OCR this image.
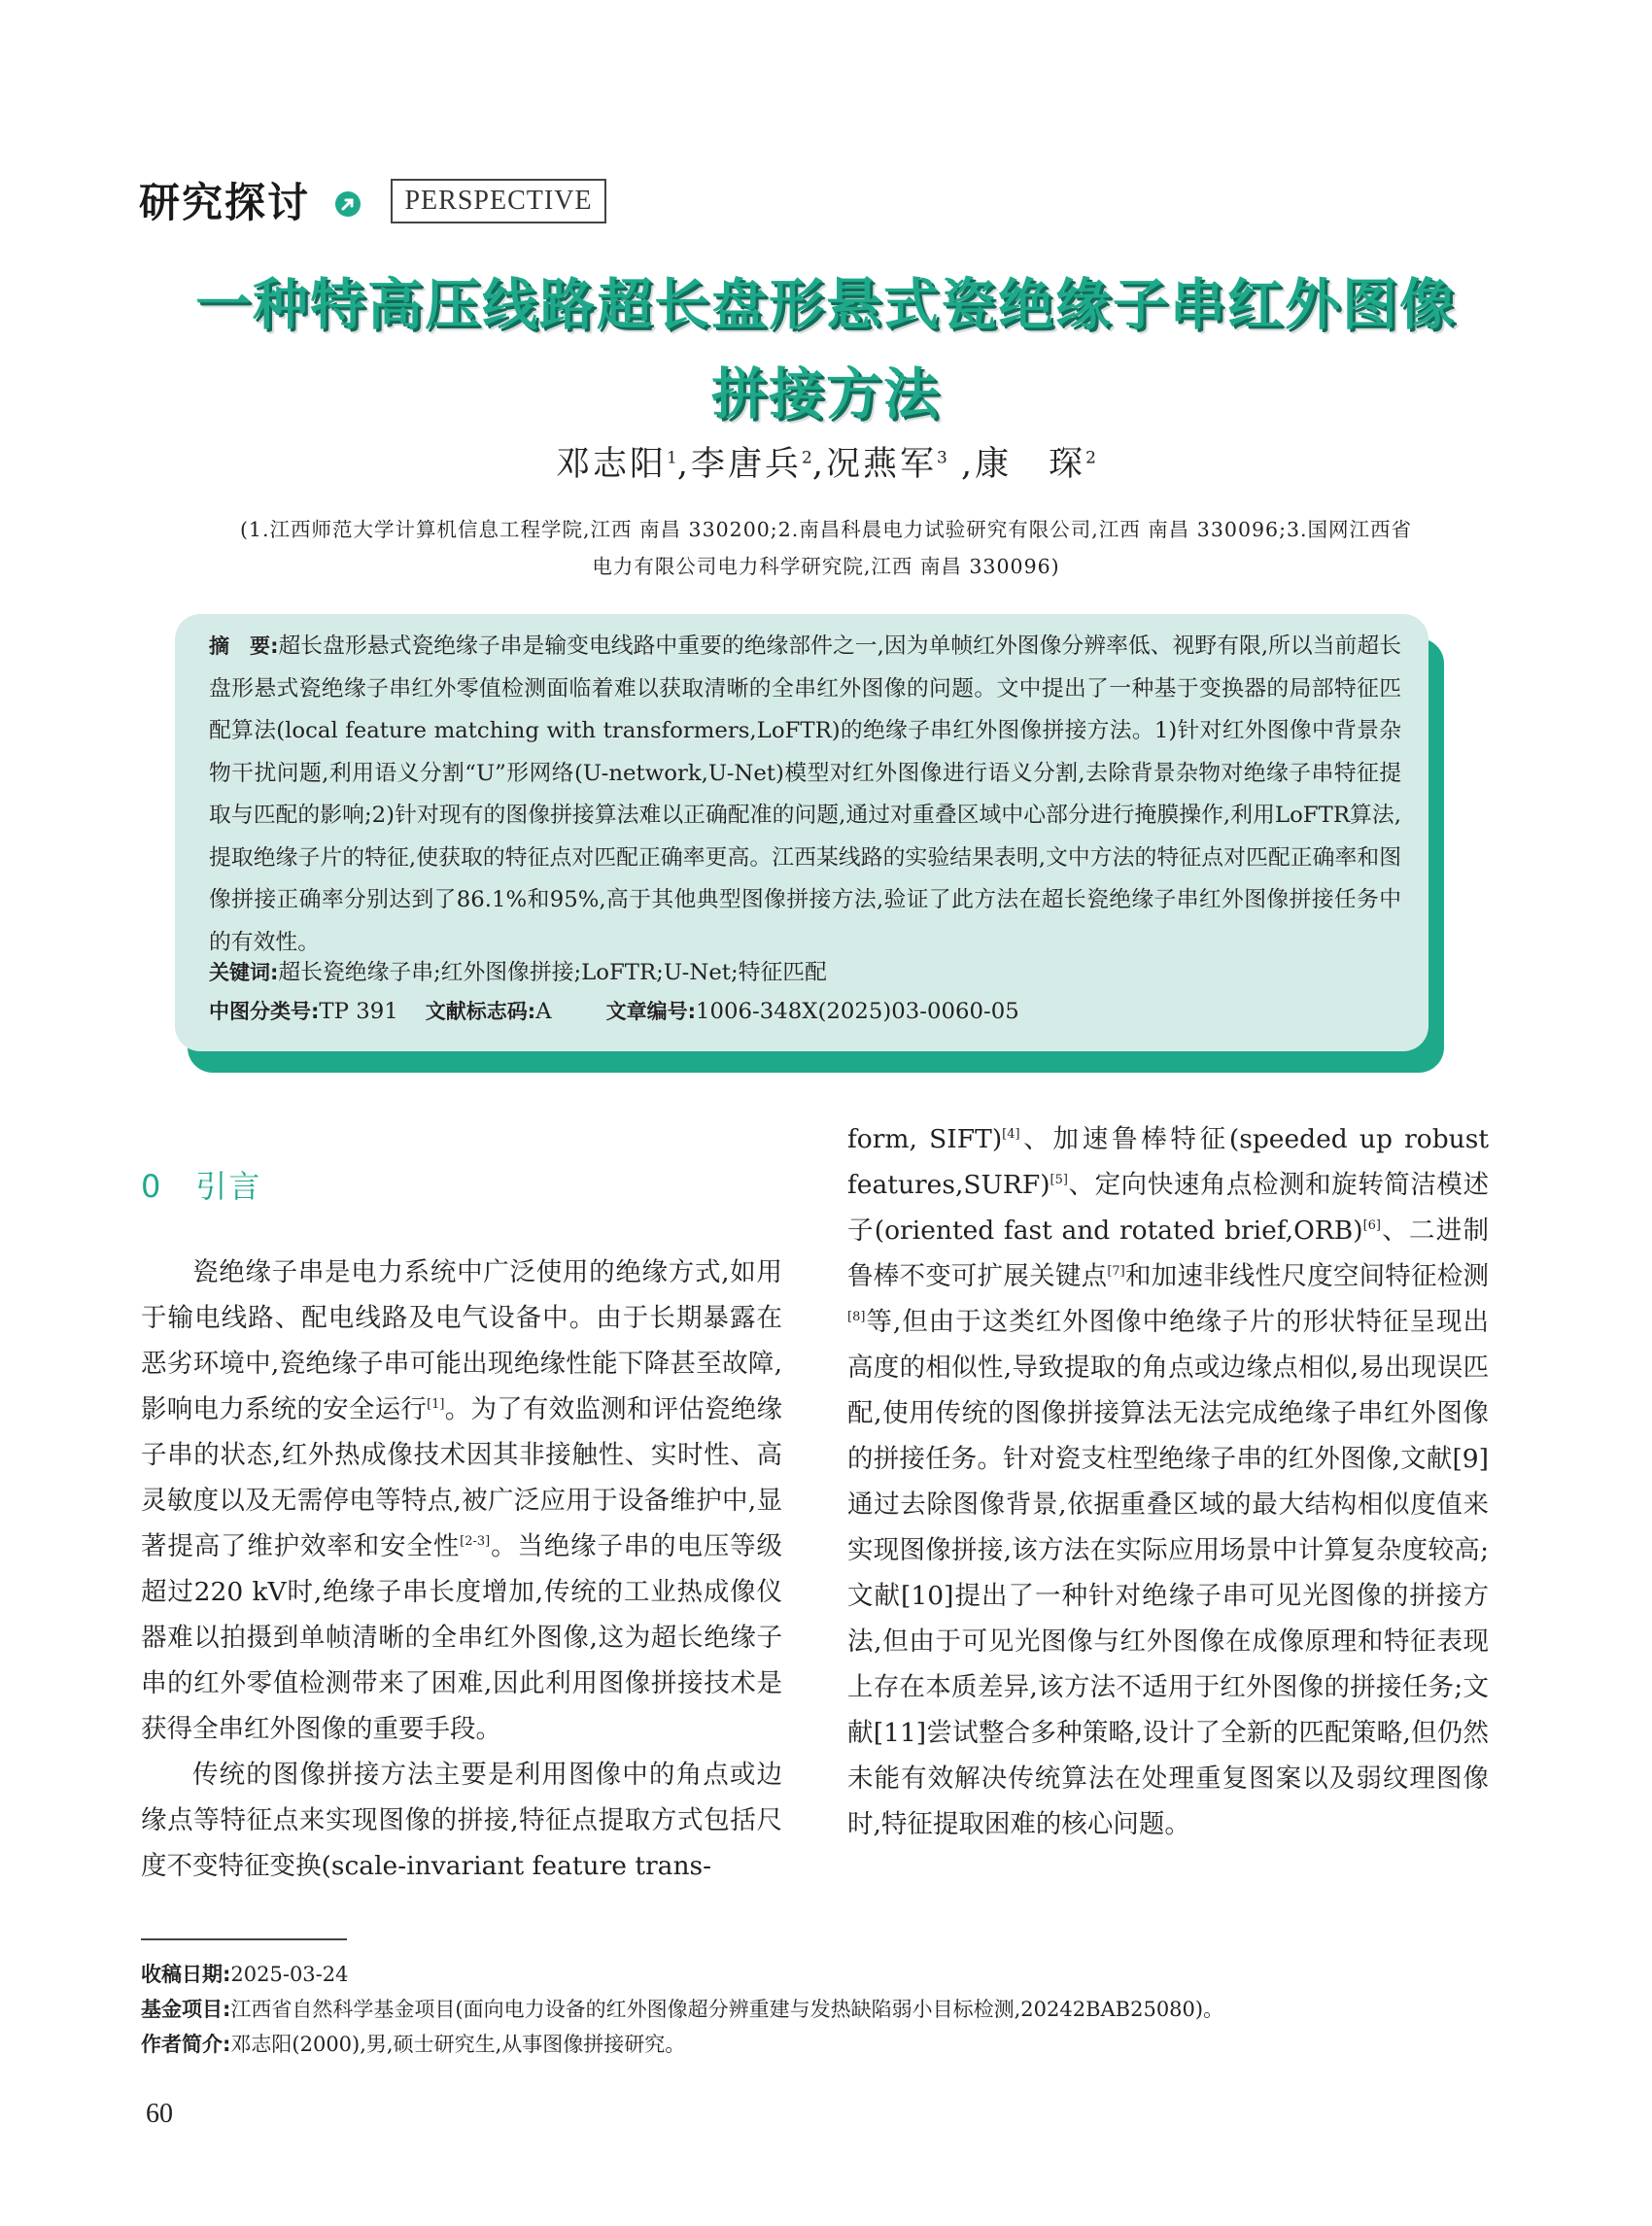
研究探讨	PERSPECTIVE
一种特高压线路超长盘形悬式瓷绝缘子串红外图像
拼接方法
邓志阳$^1$,李唐兵$^2$,况燕军$^3$ ,康　琛$^2$
(1.江西师范大学计算机信息工程学院,江西 南昌 330200;2.南昌科晨电力试验研究有限公司,江西 南昌 330096;3.国网江西省
电力有限公司电力科学研究院,江西 南昌 330096)
摘　要:超长盘形悬式瓷绝缘子串是输变电线路中重要的绝缘部件之一,因为单帧红外图像分辨率低、视野有限,所以当前超长盘形悬式瓷绝缘子串红外零值检测面临着难以获取清晰的全串红外图像的问题。文中提出了一种基于变换器的局部特征匹配算法(local feature matching with transformers,LoFTR)的绝缘子串红外图像拼接方法。1)针对红外图像中背景杂物干扰问题,利用语义分割“U”形网络(U-network,U-Net)模型对红外图像进行语义分割,去除背景杂物对绝缘子串特征提取与匹配的影响;2)针对现有的图像拼接算法难以正确配准的问题,通过对重叠区域中心部分进行掩膜操作,利用LoFTR算法,提取绝缘子片的特征,使获取的特征点对匹配正确率更高。江西某线路的实验结果表明,文中方法的特征点对匹配正确率和图像拼接正确率分别达到了86.1%和95%,高于其他典型图像拼接方法,验证了此方法在超长瓷绝缘子串红外图像拼接任务中的有效性。
关键词:超长瓷绝缘子串;红外图像拼接;LoFTR;U-Net;特征匹配
中图分类号:TP 391 文献标志码:A	文章编号:1006-348X(2025)03-0060-05
0　引言

瓷绝缘子串是电力系统中广泛使用的绝缘方式,如用于输电线路、配电线路及电气设备中。由于长期暴露在恶劣环境中,瓷绝缘子串可能出现绝缘性能下降甚至故障,影响电力系统的安全运行[1]。为了有效监测和评估瓷绝缘子串的状态,红外热成像技术因其非接触性、实时性、高灵敏度以及无需停电等特点,被广泛应用于设备维护中,显著提高了维护效率和安全性[2-3]。当绝缘子串的电压等级超过220 kV时,绝缘子串长度增加,传统的工业热成像仪器难以拍摄到单帧清晰的全串红外图像,这为超长绝缘子串的红外零值检测带来了困难,因此利用图像拼接技术是获得全串红外图像的重要手段。

传统的图像拼接方法主要是利用图像中的角点或边缘点等特征点来实现图像的拼接,特征点提取方式包括尺度不变特征变换(scale-invariant feature trans-

form, SIFT)[4]、加速鲁棒特征(speeded up robust features,SURF)[5]、定向快速角点检测和旋转简洁模述子(oriented fast and rotated brief,ORB)[6]、二进制鲁棒不变可扩展关键点[7]和加速非线性尺度空间特征检测[8]等,但由于这类红外图像中绝缘子片的形状特征呈现出高度的相似性,导致提取的角点或边缘点相似,易出现误匹配,使用传统的图像拼接算法无法完成绝缘子串红外图像的拼接任务。针对瓷支柱型绝缘子串的红外图像,文献[9]通过去除图像背景,依据重叠区域的最大结构相似度值来实现图像拼接,该方法在实际应用场景中计算复杂度较高;文献[10]提出了一种针对绝缘子串可见光图像的拼接方法,但由于可见光图像与红外图像在成像原理和特征表现上存在本质差异,该方法不适用于红外图像的拼接任务;文献[11]尝试整合多种策略,设计了全新的匹配策略,但仍然未能有效解决传统算法在处理重复图案以及弱纹理图像时,特征提取困难的核心问题。

收稿日期:2025-03-24
基金项目:江西省自然科学基金项目(面向电力设备的红外图像超分辨重建与发热缺陷弱小目标检测,20242BAB25080)。
作者简介:邓志阳(2000),男,硕士研究生,从事图像拼接研究。
60
